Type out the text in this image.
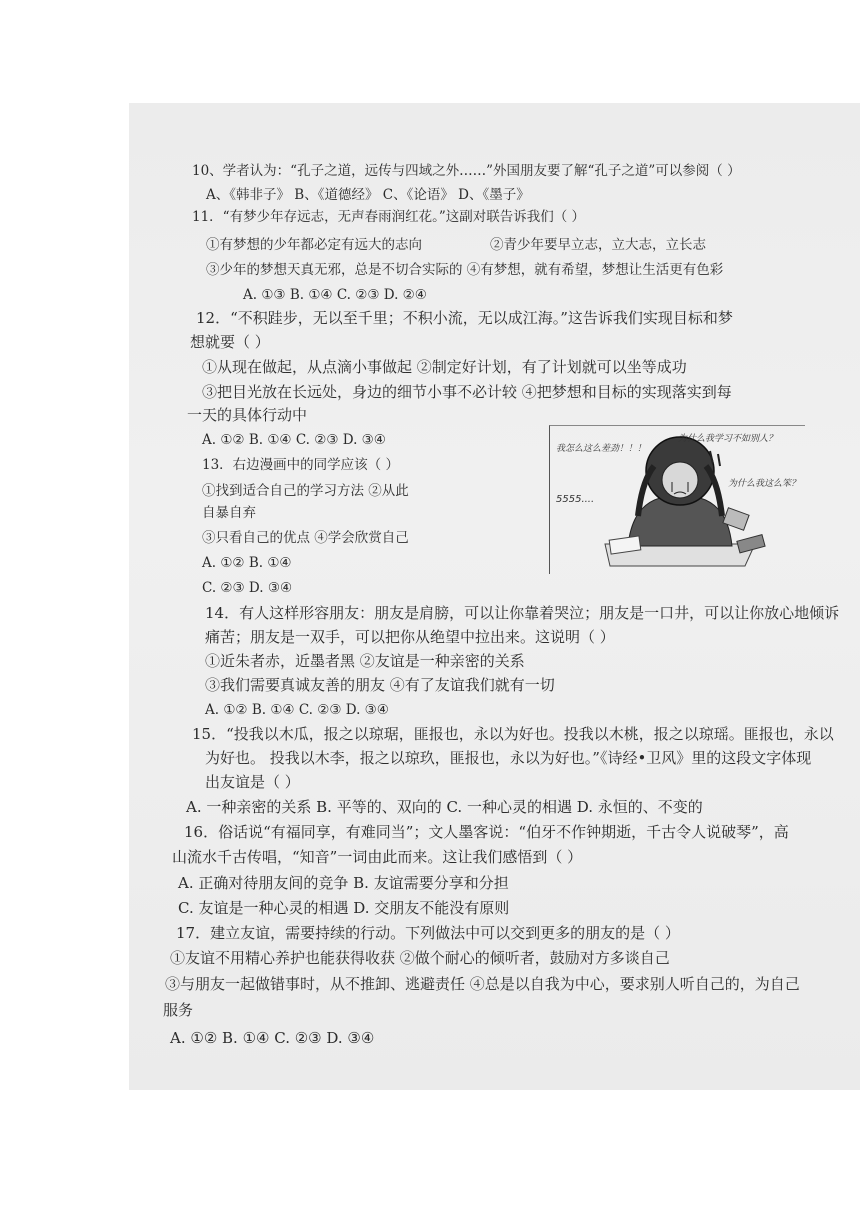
10、学者认为：“孔子之道，远传与四域之外……”外国朋友要了解“孔子之道”可以参阅（ ）
A、《韩非子》 B、《道德经》 C、《论语》 D、《墨子》
11．“有梦少年存远志，无声春雨润红花。”这副对联告诉我们（ ）
①有梦想的少年都必定有远大的志向	②青少年要早立志，立大志，立长志
③少年的梦想天真无邪，总是不切合实际的 ④有梦想，就有希望，梦想让生活更有色彩
A. ①③ B. ①④ C. ②③ D. ②④
12．“不积跬步，无以至千里；不积小流，无以成江海。”这告诉我们实现目标和梦
想就要（ ）
①从现在做起，从点滴小事做起 ②制定好计划，有了计划就可以坐等成功
③把目光放在长远处，身边的细节小事不必计较 ④把梦想和目标的实现落实到每
一天的具体行动中
A. ①② B. ①④ C. ②③ D. ③④
13．右边漫画中的同学应该（ ）
①找到适合自己的学习方法 ②从此
自暴自弃
③只看自己的优点 ④学会欣赏自己
A. ①② B. ①④
C. ②③ D. ③④
我怎么这么差劲！！！
为什么我学习不如别人？
为什么我这么笨？
5555....
14．有人这样形容朋友：朋友是肩膀，可以让你靠着哭泣；朋友是一口井，可以让你放心地倾诉
痛苦；朋友是一双手，可以把你从绝望中拉出来。这说明（ ）
①近朱者赤，近墨者黑 ②友谊是一种亲密的关系
③我们需要真诚友善的朋友 ④有了友谊我们就有一切
A. ①② B. ①④ C. ②③ D. ③④
15．“投我以木瓜，报之以琼琚，匪报也，永以为好也。投我以木桃，报之以琼瑶。匪报也，永以
为好也。 投我以木李，报之以琼玖，匪报也，永以为好也。”《诗经•卫风》里的这段文字体现
出友谊是（ ）
A. 一种亲密的关系 B. 平等的、双向的 C. 一种心灵的相遇 D. 永恒的、不变的
16．俗话说“有福同享，有难同当”；文人墨客说：“伯牙不作钟期逝，千古令人说破琴”，高
山流水千古传唱，“知音”一词由此而来。这让我们感悟到（ ）
A. 正确对待朋友间的竞争 B. 友谊需要分享和分担
C. 友谊是一种心灵的相遇 D. 交朋友不能没有原则
17．建立友谊，需要持续的行动。下列做法中可以交到更多的朋友的是（ ）
①友谊不用精心养护也能获得收获 ②做个耐心的倾听者，鼓励对方多谈自己
③与朋友一起做错事时，从不推卸、逃避责任 ④总是以自我为中心，要求别人听自己的，为自己
服务
A. ①② B. ①④ C. ②③ D. ③④
